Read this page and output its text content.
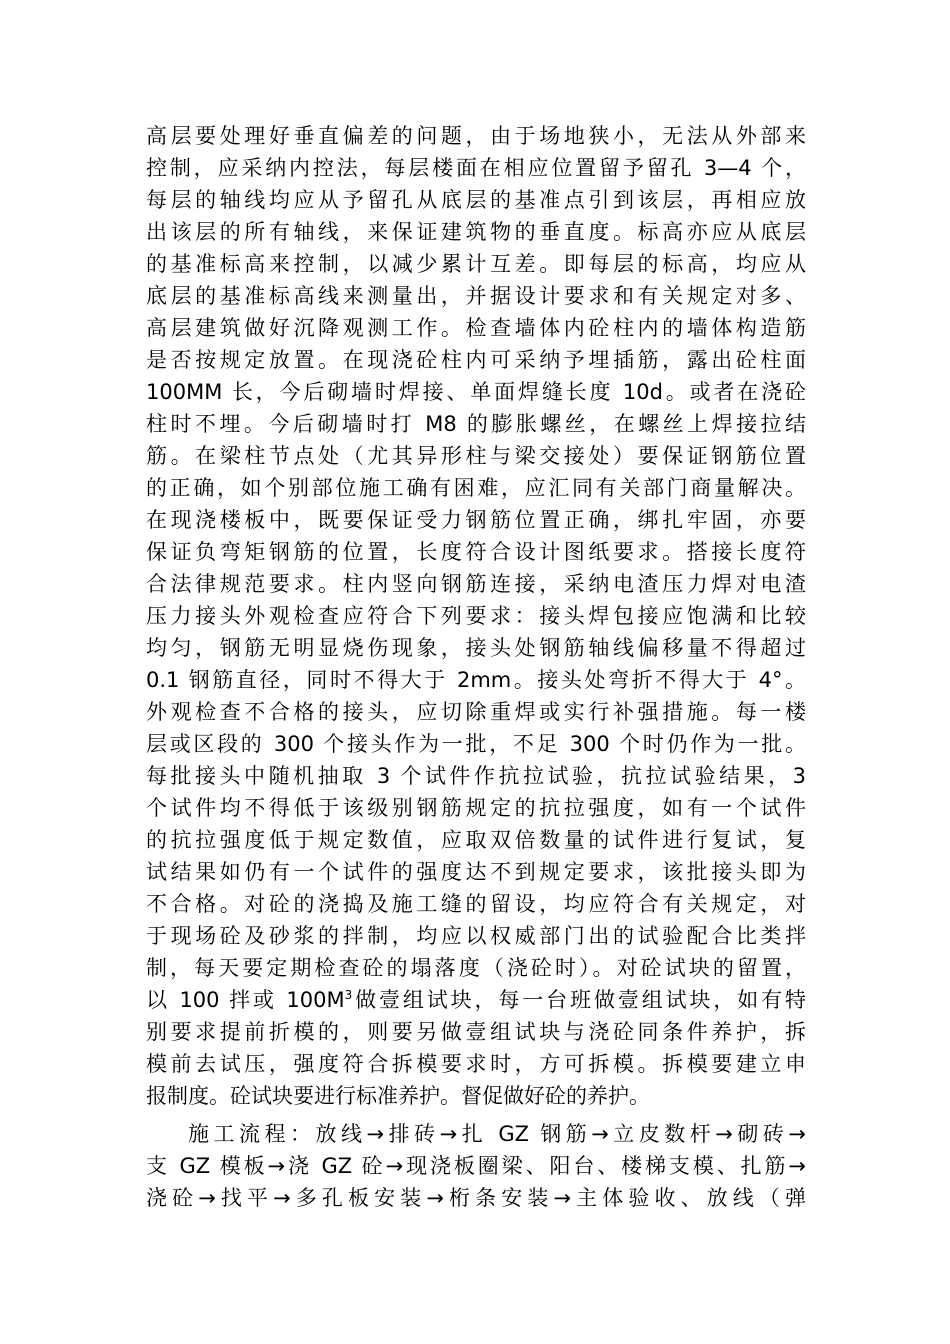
高层要处理好垂直偏差的问题，由于场地狭小，无法从外部来
控制，应采纳内控法，每层楼面在相应位置留予留孔 3—4 个，
每层的轴线均应从予留孔从底层的基准点引到该层，再相应放
出该层的所有轴线，来保证建筑物的垂直度。标高亦应从底层
的基准标高来控制，以减少累计互差。即每层的标高，均应从
底层的基准标高线来测量出，并据设计要求和有关规定对多、
高层建筑做好沉降观测工作。检查墙体内砼柱内的墙体构造筋
是否按规定放置。在现浇砼柱内可采纳予埋插筋，露出砼柱面
100MM 长，今后砌墙时焊接、单面焊缝长度 10d。或者在浇砼
柱时不埋。今后砌墙时打 M8 的膨胀螺丝，在螺丝上焊接拉结
筋。在梁柱节点处（尤其异形柱与梁交接处）要保证钢筋位置
的正确，如个别部位施工确有困难，应汇同有关部门商量解决。
在现浇楼板中，既要保证受力钢筋位置正确，绑扎牢固，亦要
保证负弯矩钢筋的位置，长度符合设计图纸要求。搭接长度符
合法律规范要求。柱内竖向钢筋连接，采纳电渣压力焊对电渣
压力接头外观检查应符合下列要求：接头焊包接应饱满和比较
均匀，钢筋无明显烧伤现象，接头处钢筋轴线偏移量不得超过
0.1 钢筋直径，同时不得大于 2mm。接头处弯折不得大于 4°。
外观检查不合格的接头，应切除重焊或实行补强措施。每一楼
层或区段的 300 个接头作为一批，不足 300 个时仍作为一批。
每批接头中随机抽取 3 个试件作抗拉试验，抗拉试验结果，3
个试件均不得低于该级别钢筋规定的抗拉强度，如有一个试件
的抗拉强度低于规定数值，应取双倍数量的试件进行复试，复
试结果如仍有一个试件的强度达不到规定要求，该批接头即为
不合格。对砼的浇捣及施工缝的留设，均应符合有关规定，对
于现场砼及砂浆的拌制，均应以权威部门出的试验配合比类拌
制，每天要定期检查砼的塌落度（浇砼时）。对砼试块的留置，
以 100 拌或 $100M^3$做壹组试块，每一台班做壹组试块，如有特
别要求提前折模的，则要另做壹组试块与浇砼同条件养护，拆
模前去试压，强度符合拆模要求时，方可拆模。拆模要建立申
报制度。砼试块要进行标准养护。督促做好砼的养护。
施工流程：放线→排砖→扎 GZ 钢筋→立皮数杆→砌砖→
支 GZ 模板→浇 GZ 砼→现浇板圈梁、阳台、楼梯支模、扎筋→
浇砼→找平→多孔板安装→桁条安装→主体验收、放线（弹
